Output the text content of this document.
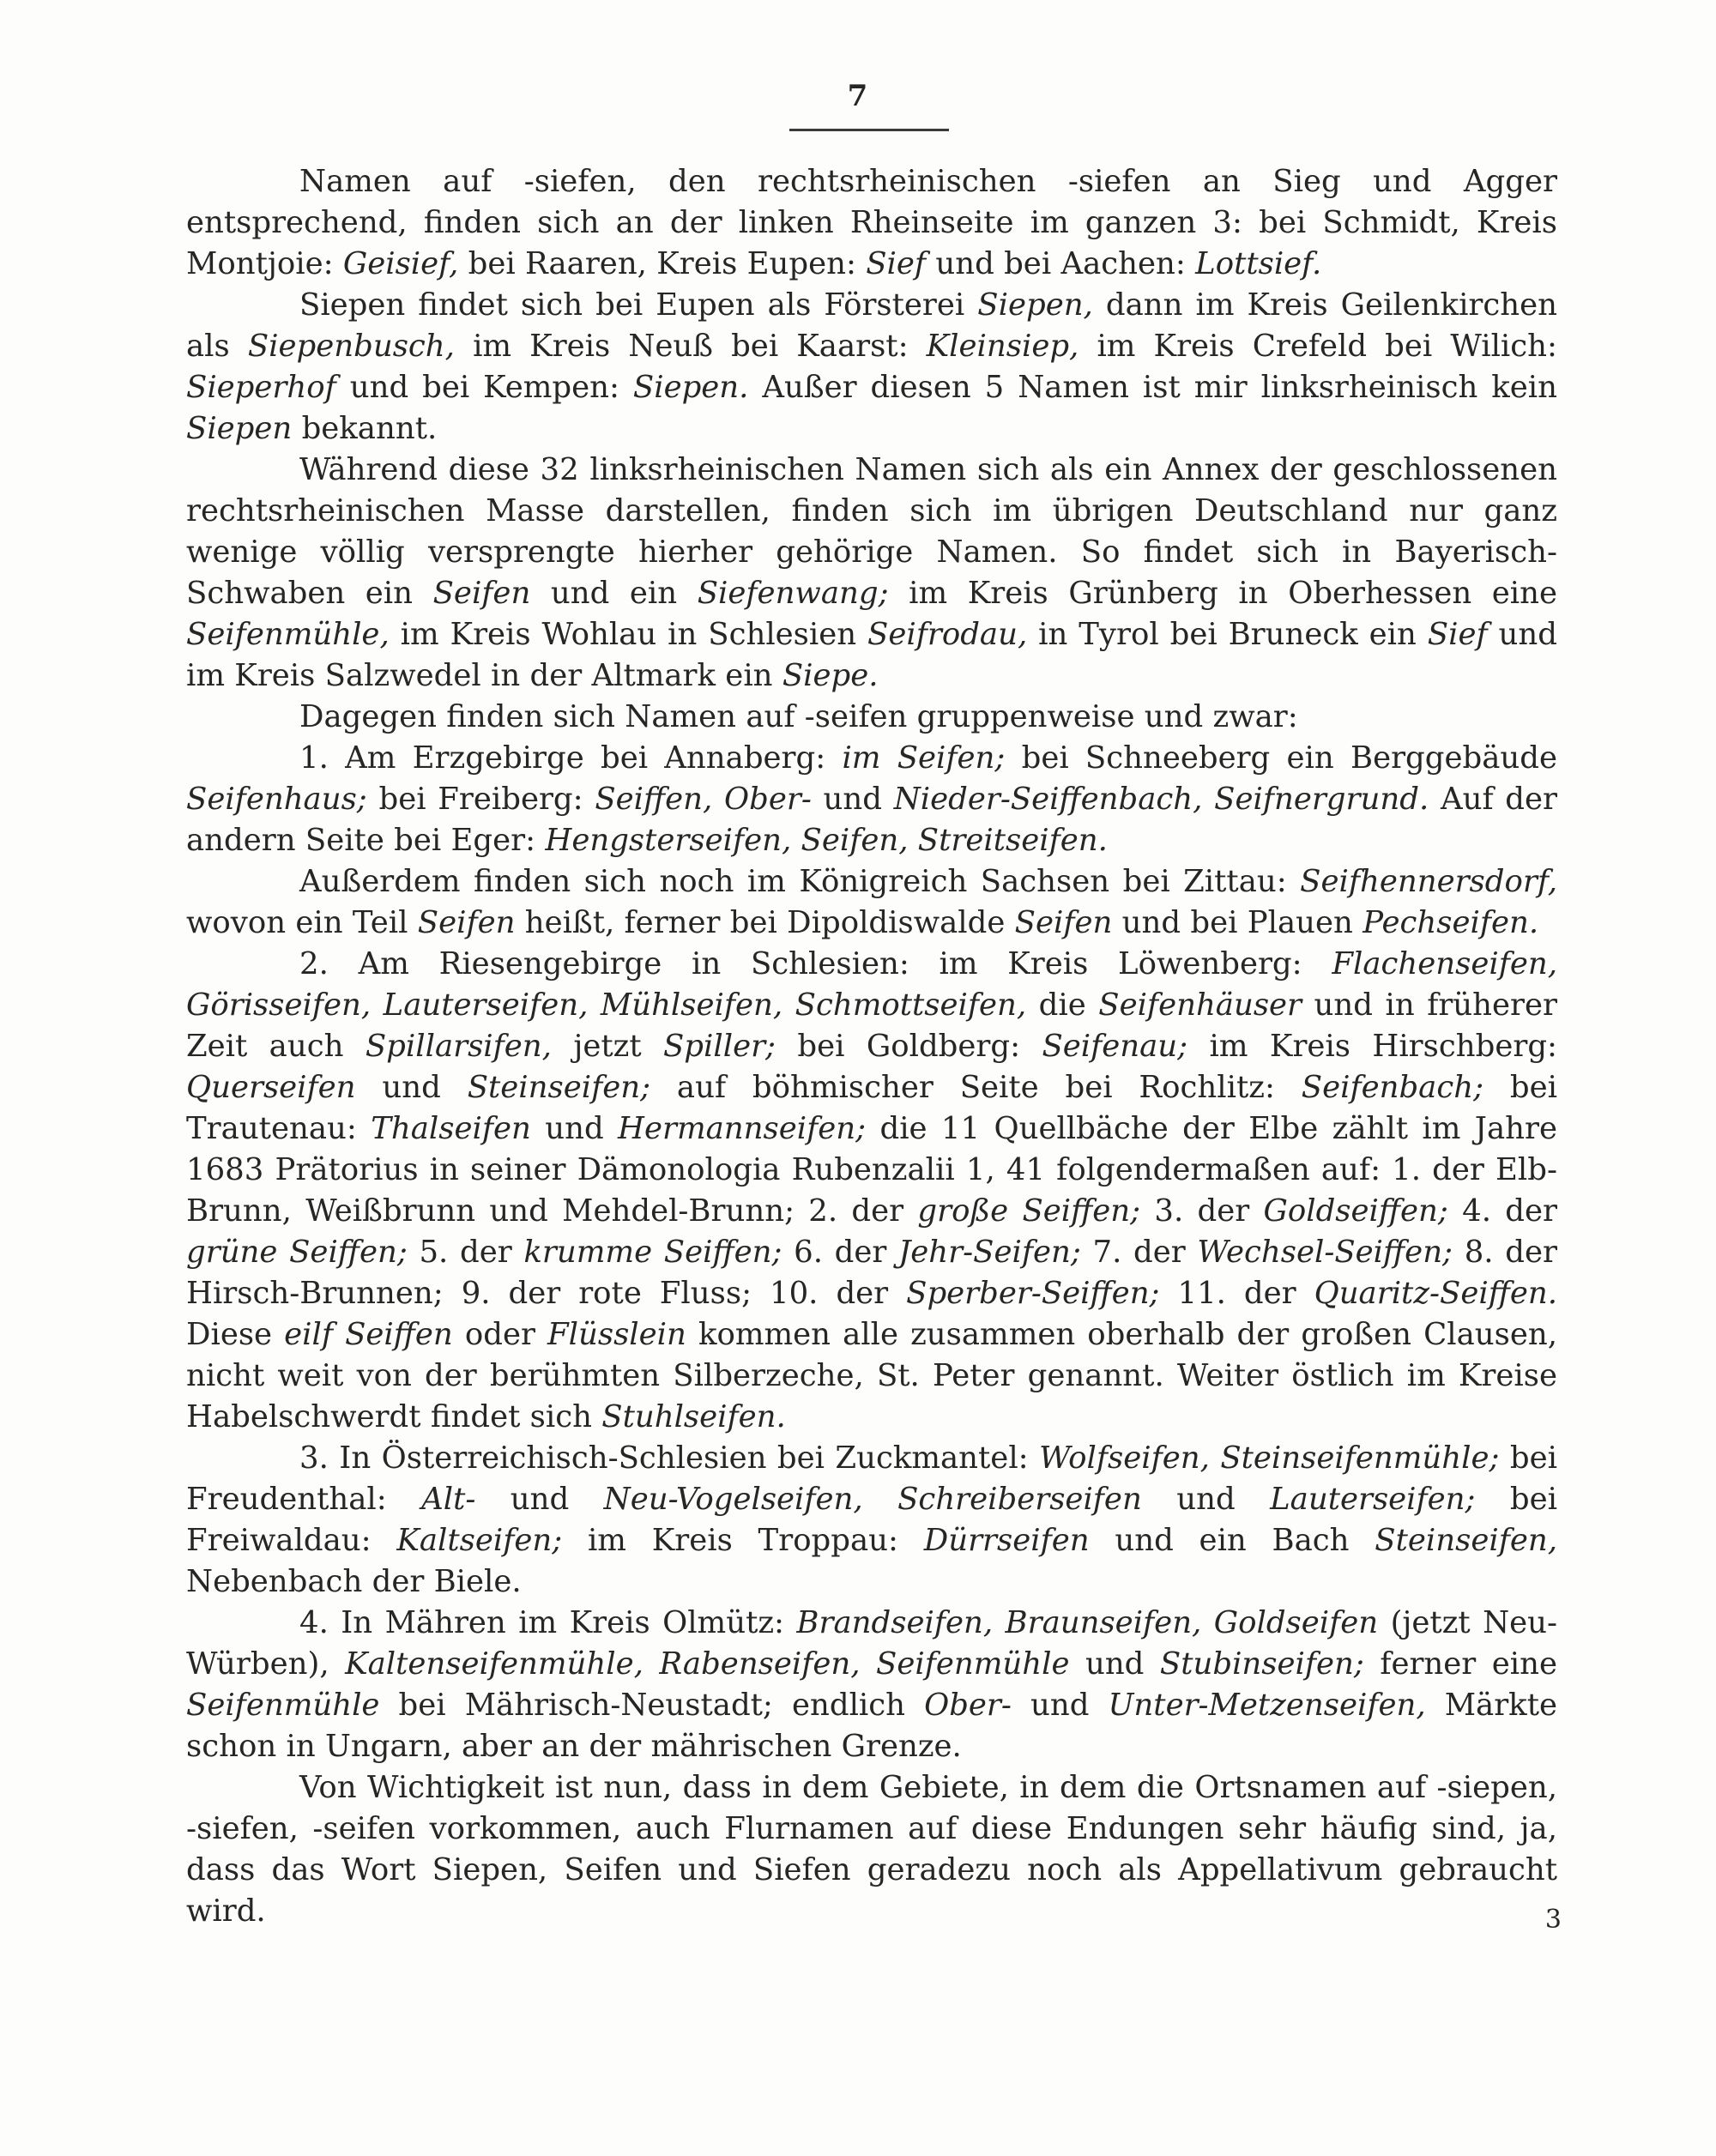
7

Namen auf -siefen, den rechtsrheinischen -siefen an Sieg und Agger entsprechend, finden sich an der linken Rheinseite im ganzen 3: bei Schmidt, Kreis Montjoie: Geisief, bei Raaren, Kreis Eupen: Sief und bei Aachen: Lottsief.

Siepen findet sich bei Eupen als Försterei Siepen, dann im Kreis Geilenkirchen als Siepenbusch, im Kreis Neuß bei Kaarst: Kleinsiep, im Kreis Crefeld bei Wilich: Sieperhof und bei Kempen: Siepen. Außer diesen 5 Namen ist mir linksrheinisch kein Siepen bekannt.

Während diese 32 linksrheinischen Namen sich als ein Annex der geschlossenen rechtsrheinischen Masse darstellen, finden sich im übrigen Deutschland nur ganz wenige völlig versprengte hierher gehörige Namen. So findet sich in Bayerisch-Schwaben ein Seifen und ein Siefenwang; im Kreis Grünberg in Oberhessen eine Seifenmühle, im Kreis Wohlau in Schlesien Seifrodau, in Tyrol bei Bruneck ein Sief und im Kreis Salzwedel in der Altmark ein Siepe.

Dagegen finden sich Namen auf -seifen gruppenweise und zwar:

1. Am Erzgebirge bei Annaberg: im Seifen; bei Schneeberg ein Berggebäude Seifenhaus; bei Freiberg: Seiffen, Ober- und Nieder-Seiffenbach, Seifnergrund. Auf der andern Seite bei Eger: Hengsterseifen, Seifen, Streitseifen.

Außerdem finden sich noch im Königreich Sachsen bei Zittau: Seifhennersdorf, wovon ein Teil Seifen heißt, ferner bei Dipoldiswalde Seifen und bei Plauen Pechseifen.

2. Am Riesengebirge in Schlesien: im Kreis Löwenberg: Flachenseifen, Görisseifen, Lauterseifen, Mühlseifen, Schmottseifen, die Seifenhäuser und in früherer Zeit auch Spillarsifen, jetzt Spiller; bei Goldberg: Seifenau; im Kreis Hirschberg: Querseifen und Steinseifen; auf böhmischer Seite bei Rochlitz: Seifenbach; bei Trautenau: Thalseifen und Hermannseifen; die 11 Quellbäche der Elbe zählt im Jahre 1683 Prätorius in seiner Dämonologia Rubenzalii 1, 41 folgendermaßen auf: 1. der Elb-Brunn, Weißbrunn und Mehdel-Brunn; 2. der große Seiffen; 3. der Goldseiffen; 4. der grüne Seiffen; 5. der krumme Seiffen; 6. der Jehr-Seifen; 7. der Wechsel-Seiffen; 8. der Hirsch-Brunnen; 9. der rote Fluss; 10. der Sperber-Seiffen; 11. der Quaritz-Seiffen. Diese eilf Seiffen oder Flüsslein kommen alle zusammen oberhalb der großen Clausen, nicht weit von der berühmten Silberzeche, St. Peter genannt. Weiter östlich im Kreise Habelschwerdt findet sich Stuhlseifen.

3. In Österreichisch-Schlesien bei Zuckmantel: Wolfseifen, Steinseifenmühle; bei Freudenthal: Alt- und Neu-Vogelseifen, Schreiberseifen und Lauterseifen; bei Freiwaldau: Kaltseifen; im Kreis Troppau: Dürrseifen und ein Bach Steinseifen, Nebenbach der Biele.

4. In Mähren im Kreis Olmütz: Brandseifen, Braunseifen, Goldseifen (jetzt Neu-Würben), Kaltenseifenmühle, Rabenseifen, Seifenmühle und Stubinseifen; ferner eine Seifenmühle bei Mährisch-Neustadt; endlich Ober- und Unter-Metzenseifen, Märkte schon in Ungarn, aber an der mährischen Grenze.

Von Wichtigkeit ist nun, dass in dem Gebiete, in dem die Ortsnamen auf -siepen, -siefen, -seifen vorkommen, auch Flurnamen auf diese Endungen sehr häufig sind, ja, dass das Wort Siepen, Seifen und Siefen geradezu noch als Appellativum gebraucht wird.	3
